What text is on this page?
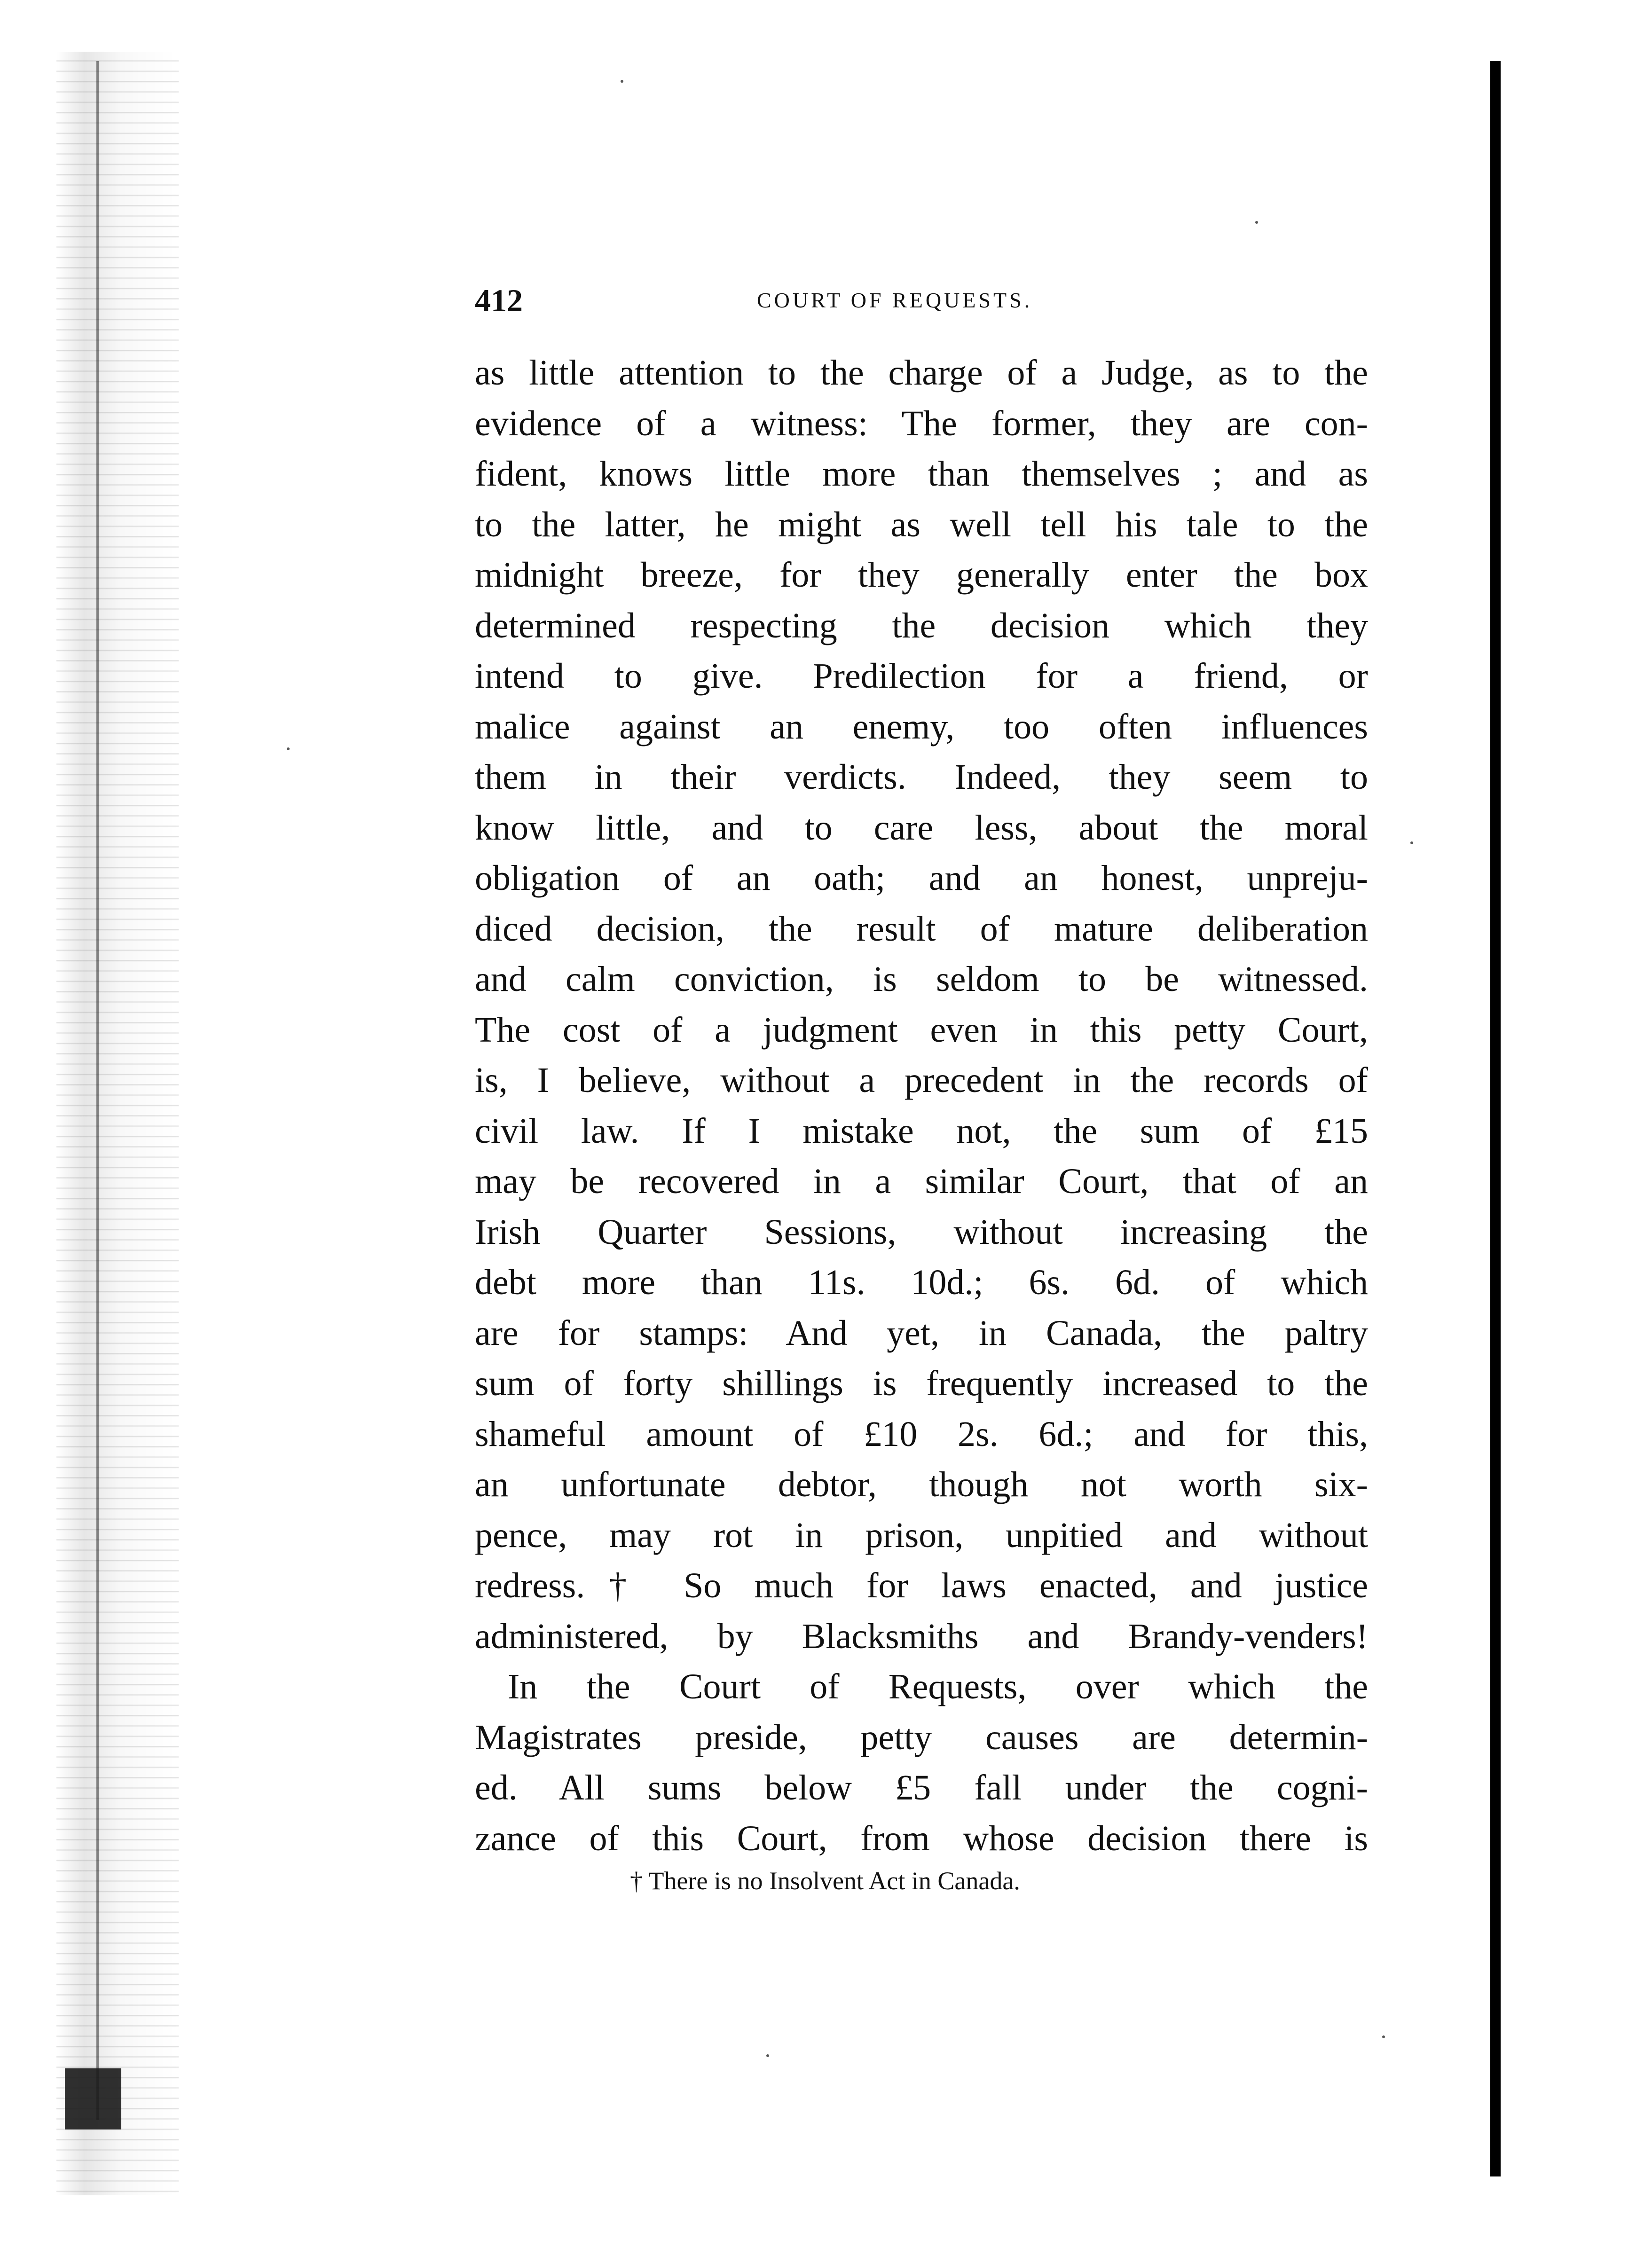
412	COURT OF REQUESTS.
as little attention to the charge of a Judge, as to the
evidence of a witness: The former, they are con-
fident, knows little more than themselves ; and as
to the latter, he might as well tell his tale to the
midnight breeze, for they generally enter the box
determined respecting the decision which they
intend to give. Predilection for a friend, or
malice against an enemy, too often influences
them in their verdicts. Indeed, they seem to
know little, and to care less, about the moral
obligation of an oath; and an honest, unpreju-
diced decision, the result of mature deliberation
and calm conviction, is seldom to be witnessed.
The cost of a judgment even in this petty Court,
is, I believe, without a precedent in the records of
civil law. If I mistake not, the sum of £15
may be recovered in a similar Court, that of an
Irish Quarter Sessions, without increasing the
debt more than 11s. 10d.; 6s. 6d. of which
are for stamps: And yet, in Canada, the paltry
sum of forty shillings is frequently increased to the
shameful amount of £10 2s. 6d.; and for this,
an unfortunate debtor, though not worth six-
pence, may rot in prison, unpitied and without
redress.† So much for laws enacted, and justice
administered, by Blacksmiths and Brandy-venders!
In the Court of Requests, over which the
Magistrates preside, petty causes are determin-
ed. All sums below £5 fall under the cogni-
zance of this Court, from whose decision there is
† There is no Insolvent Act in Canada.
